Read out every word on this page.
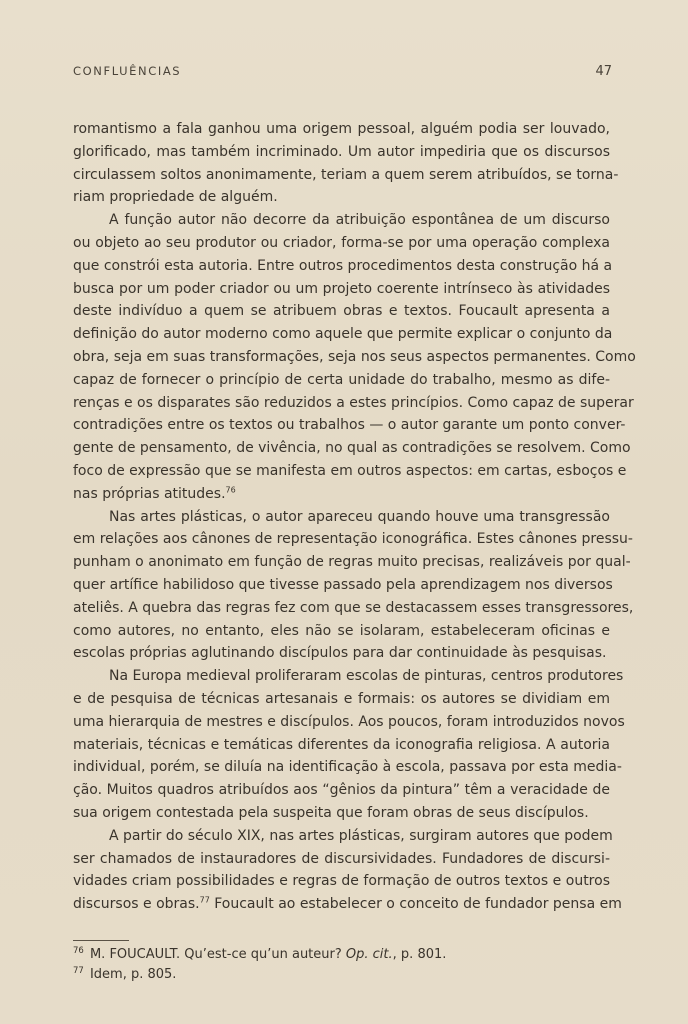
CONFLUÊNCIAS	47
romantismo a fala ganhou uma origem pessoal, alguém podia ser louvado,
glorificado, mas também incriminado. Um autor impediria que os discursos
circulassem soltos anonimamente, teriam a quem serem atribuídos, se torna-
riam propriedade de alguém.
A função autor não decorre da atribuição espontânea de um discurso
ou objeto ao seu produtor ou criador, forma-se por uma operação complexa
que constrói esta autoria. Entre outros procedimentos desta construção há a
busca por um poder criador ou um projeto coerente intrínseco às atividades
deste indivíduo a quem se atribuem obras e textos. Foucault apresenta a
definição do autor moderno como aquele que permite explicar o conjunto da
obra, seja em suas transformações, seja nos seus aspectos permanentes. Como
capaz de fornecer o princípio de certa unidade do trabalho, mesmo as dife-
renças e os disparates são reduzidos a estes princípios. Como capaz de superar
contradições entre os textos ou trabalhos — o autor garante um ponto conver-
gente de pensamento, de vivência, no qual as contradições se resolvem. Como
foco de expressão que se manifesta em outros aspectos: em cartas, esboços e
nas próprias atitudes.$^{76}$
Nas artes plásticas, o autor apareceu quando houve uma transgressão
em relações aos cânones de representação iconográfica. Estes cânones pressu-
punham o anonimato em função de regras muito precisas, realizáveis por qual-
quer artífice habilidoso que tivesse passado pela aprendizagem nos diversos
ateliês. A quebra das regras fez com que se destacassem esses transgressores,
como autores, no entanto, eles não se isolaram, estabeleceram oficinas e
escolas próprias aglutinando discípulos para dar continuidade às pesquisas.
Na Europa medieval proliferaram escolas de pinturas, centros produtores
e de pesquisa de técnicas artesanais e formais: os autores se dividiam em
uma hierarquia de mestres e discípulos. Aos poucos, foram introduzidos novos
materiais, técnicas e temáticas diferentes da iconografia religiosa. A autoria
individual, porém, se diluía na identificação à escola, passava por esta media-
ção. Muitos quadros atribuídos aos “gênios da pintura” têm a veracidade de
sua origem contestada pela suspeita que foram obras de seus discípulos.
A partir do século XIX, nas artes plásticas, surgiram autores que podem
ser chamados de instauradores de discursividades. Fundadores de discursi-
vidades criam possibilidades e regras de formação de outros textos e outros
discursos e obras.$^{77}$ Foucault ao estabelecer o conceito de fundador pensa em
$^{76}$ M. FOUCAULT. Qu’est-ce qu’un auteur? Op. cit., p. 801.
$^{77}$ Idem, p. 805.
